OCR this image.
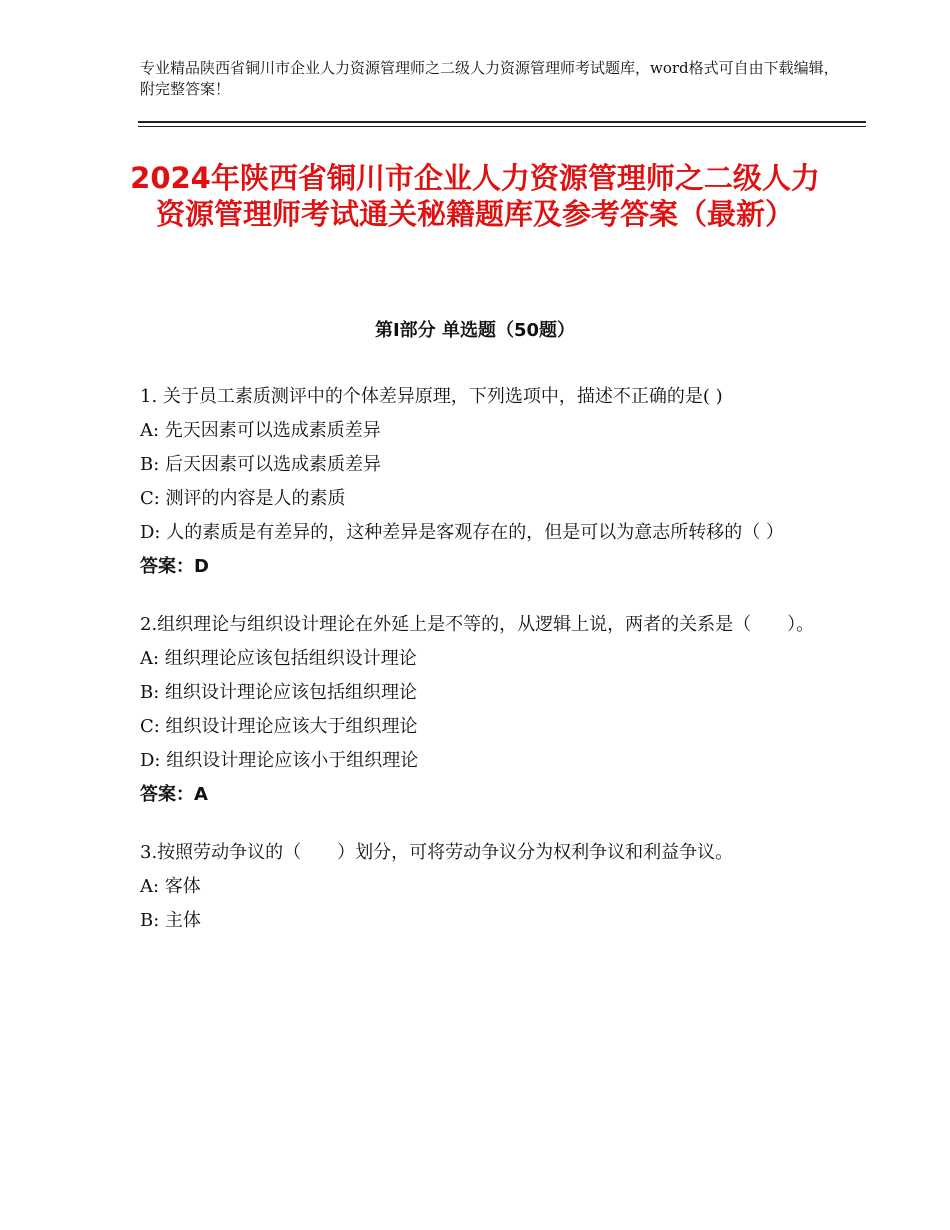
专业精品陕西省铜川市企业人力资源管理师之二级人力资源管理师考试题库，word格式可自由下载编辑，附完整答案！
2024年陕西省铜川市企业人力资源管理师之二级人力资源管理师考试通关秘籍题库及参考答案（最新）
第Ⅰ部分 单选题（50题）
1. 关于员工素质测评中的个体差异原理，下列选项中，描述不正确的是( )
A: 先天因素可以选成素质差异
B: 后天因素可以选成素质差异
C: 测评的内容是人的素质
D: 人的素质是有差异的，这种差异是客观存在的，但是可以为意志所转移的（ ）
答案：D
2.组织理论与组织设计理论在外延上是不等的，从逻辑上说，两者的关系是（　　）。
A: 组织理论应该包括组织设计理论
B: 组织设计理论应该包括组织理论
C: 组织设计理论应该大于组织理论
D: 组织设计理论应该小于组织理论
答案：A
3.按照劳动争议的（　　）划分，可将劳动争议分为权利争议和利益争议。
A: 客体
B: 主体
